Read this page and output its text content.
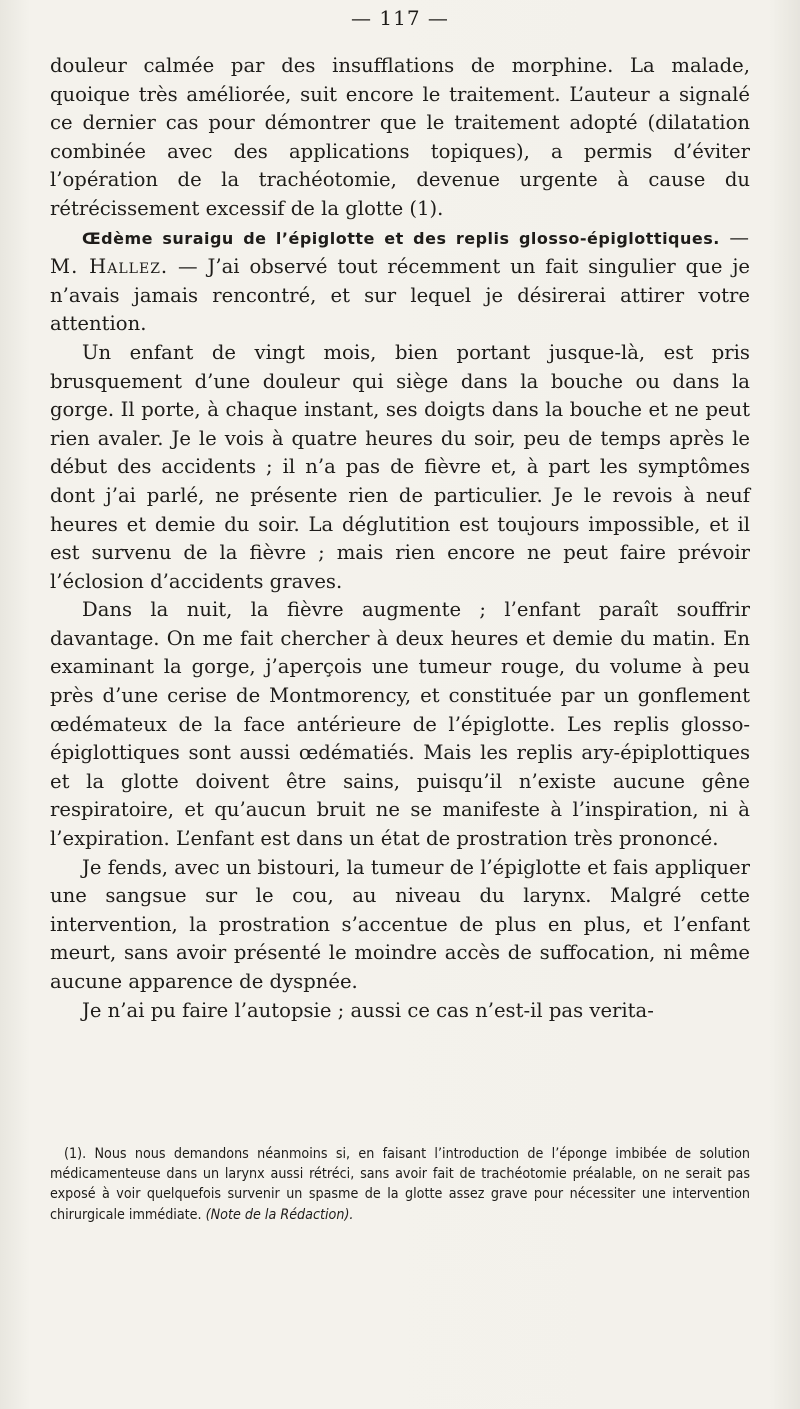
— 117 —

douleur calmée par des insufflations de morphine. La malade, quoique très améliorée, suit encore le traitement. L’auteur a signalé ce dernier cas pour démontrer que le traitement adopté (dilatation combinée avec des applications topiques), a permis d’éviter l’opération de la trachéotomie, devenue urgente à cause du rétrécissement excessif de la glotte (1).

Œdème suraigu de l’épiglotte et des replis glosso-épiglottiques. — M. Hallez. — J’ai observé tout récemment un fait singulier que je n’avais jamais rencontré, et sur lequel je désirerai attirer votre attention.

Un enfant de vingt mois, bien portant jusque-là, est pris brusquement d’une douleur qui siège dans la bouche ou dans la gorge. Il porte, à chaque instant, ses doigts dans la bouche et ne peut rien avaler. Je le vois à quatre heures du soir, peu de temps après le début des accidents ; il n’a pas de fièvre et, à part les symptômes dont j’ai parlé, ne présente rien de particulier. Je le revois à neuf heures et demie du soir. La déglutition est toujours impossible, et il est survenu de la fièvre ; mais rien encore ne peut faire prévoir l’éclosion d’accidents graves.

Dans la nuit, la fièvre augmente ; l’enfant paraît souffrir davantage. On me fait chercher à deux heures et demie du matin. En examinant la gorge, j’aperçois une tumeur rouge, du volume à peu près d’une cerise de Montmorency, et constituée par un gonflement œdémateux de la face antérieure de l’épiglotte. Les replis glosso-épiglottiques sont aussi œdématiés. Mais les replis ary-épiplottiques et la glotte doivent être sains, puisqu’il n’existe aucune gêne respiratoire, et qu’aucun bruit ne se manifeste à l’inspiration, ni à l’expiration. L’enfant est dans un état de prostration très prononcé.

Je fends, avec un bistouri, la tumeur de l’épiglotte et fais appliquer une sangsue sur le cou, au niveau du larynx. Malgré cette intervention, la prostration s’accentue de plus en plus, et l’enfant meurt, sans avoir présenté le moindre accès de suffocation, ni même aucune apparence de dyspnée.

Je n’ai pu faire l’autopsie ; aussi ce cas n’est-il pas verita-

(1). Nous nous demandons néanmoins si, en faisant l’introduction de l’éponge imbibée de solution médicamenteuse dans un larynx aussi rétréci, sans avoir fait de trachéotomie préalable, on ne serait pas exposé à voir quelquefois survenir un spasme de la glotte assez grave pour nécessiter une intervention chirurgicale immédiate. (Note de la Rédaction).
